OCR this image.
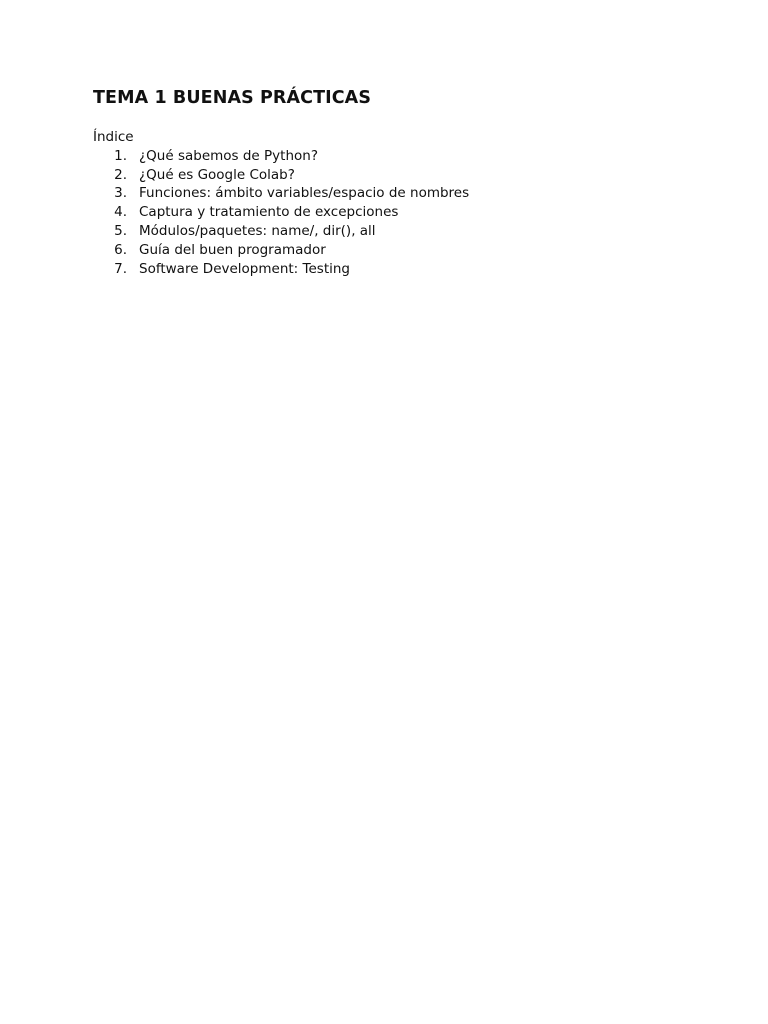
TEMA 1 BUENAS PRÁCTICAS

Índice

1. ¿Qué sabemos de Python?
2. ¿Qué es Google Colab?
3. Funciones: ámbito variables/espacio de nombres
4. Captura y tratamiento de excepciones
5. Módulos/paquetes: name/, dir(), all
6. Guía del buen programador
7. Software Development: Testing
